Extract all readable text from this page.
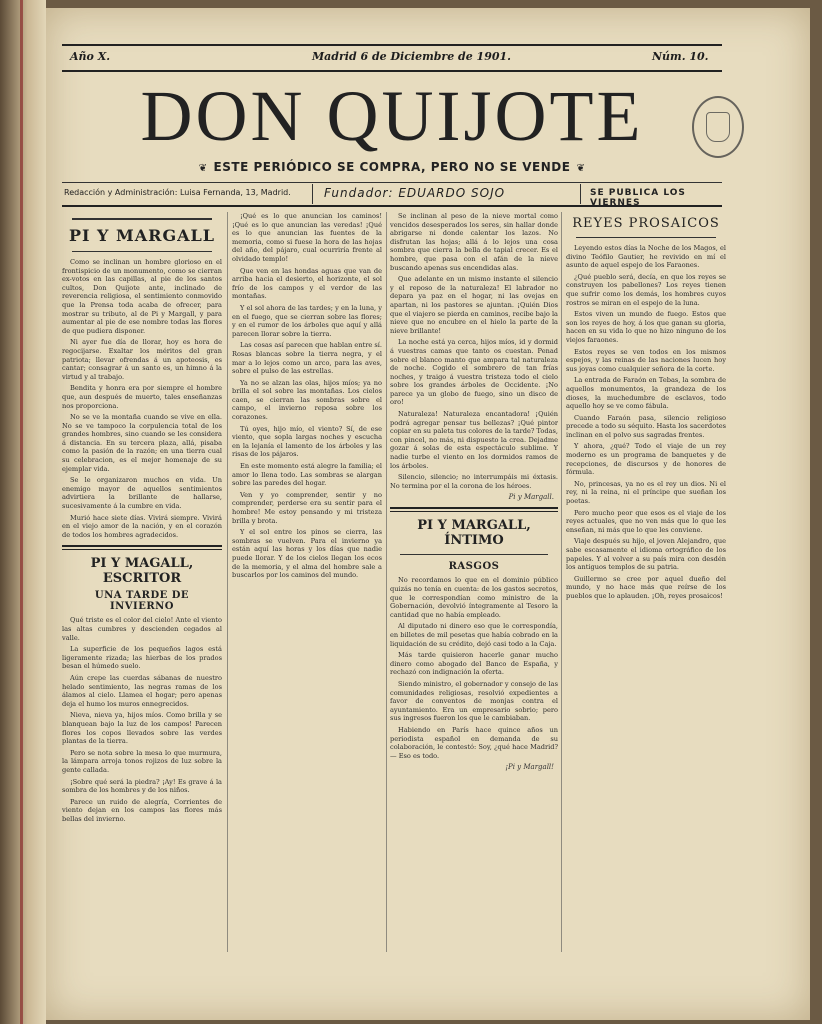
Año X.	Madrid 6 de Diciembre de 1901.	Núm. 10.
DON QUIJOTE
❦ ESTE PERIÓDICO SE COMPRA, PERO NO SE VENDE ❦
Redacción y Administración: Luisa Fernanda, 13, Madrid.	Fundador: EDUARDO SOJO	SE PUBLICA LOS VIERNES
PI Y MARGALL

Como se inclinan un hombre glorioso en el frontispicio de un monumento, como se cierran ex-votos en las capillas, al pie de los santos cultos, Don Quijote ante, inclinado de reverencia religiosa, el sentimiento conmovido que la Prensa toda acaba de ofrecer, para mostrar su tributo, al de Pi y Margall, y para aumentar al pie de ese nombre todas las flores de que pudiera disponer.

Ni ayer fue día de llorar, hoy es hora de regocijarse. Exaltar los méritos del gran patriota; llevar ofrendas á un apoteosis, es cantar; consagrar á un santo es, un himno á la virtud y al trabajo.

Bendita y honra era por siempre el hombre que, aun después de muerto, tales enseñanzas nos proporciona.

No se ve la montaña cuando se vive en ella. No se ve tampoco la corpulencia total de los grandes hombres, sino cuando se les considera á distancia. En su tercera plaza, allá, pisaba como la pasión de la razón; en una tierra cual su celebracion, es el mejor homenaje de su ejemplar vida.

Se le organizaron muchos en vida. Un enemigo mayor de aquellos sentimientos advirtiera la brillante de hallarse, sucesivamente á la cumbre en vida.

Murió hace siete días. Vivirá siempre. Vivirá en el viejo amor de la nación, y en el corazón de todos los hombres agradecidos.

PI Y MAGALL, ESCRITOR
UNA TARDE DE INVIERNO

Qué triste es el color del cielo! Ante el viento las altas cumbres y descienden cegados al valle.

La superficie de los pequeños lagos está ligeramente rizada; las hierbas de los prados besan el húmedo suelo.

Aún crepe las cuerdas sábanas de nuestro helado sentimiento, las negras ramas de los álamos al cielo. Llamea el hogar; pero apenas deja el humo los muros ennegrecidos.

Nieva, nieva ya, hijos míos. Como brilla y se blanquean bajo la luz de los campos! Parecen flores los copos llevados sobre las verdes plantas de la tierra.

Pero se nota sobre la mesa lo que murmura, la lámpara arroja tonos rojizos de luz sobre la gente callada.

¡Sobre qué será la piedra? ¡Ay! Es grave á la sombra de los hombres y de los niños.

Parece un ruido de alegría, Corrientes de viento dejan en los campos las flores más bellas del invierno.

¡Qué es lo que anuncian los caminos! ¡Qué es lo que anuncian las veredas! ¡Qué es lo que anuncian las fuentes de la memoria, como si fuese la hora de las hojas del año, del pájaro, cual ocurriría frente al olvidado templo!

Que ven en las hondas aguas que van de arriba hacia el desierto, el horizonte, el sol frío de los campos y el verdor de las montañas.

Y el sol ahora de las tardes; y en la luna, y en el fuego, que se cierran sobre las flores; y en el rumor de los árboles que aquí y allá parecen llorar sobre la tierra.

Las cosas así parecen que hablan entre sí. Rosas blancas sobre la tierra negra, y el mar a lo lejos como un arco, para las aves, sobre el pulso de las estrellas.

Ya no se alzan las olas, hijos míos; ya no brilla el sol sobre las montañas. Los cielos caen, se cierran las sombras sobre el campo, el invierno reposa sobre los corazones.

Tú oyes, hijo mío, el viento? Sí, de ese viento, que sopla largas noches y escucha en la lejanía el lamento de los árboles y las risas de los pájaros.

En este momento está alegre la familia; el amor lo llena todo. Las sombras se alargan sobre las paredes del hogar.

Ven y yo comprender, sentir y no comprender, perderse era su sentir para el hombre! Me estoy pensando y mi tristeza brilla y brota.

Y el sol entre los pinos se cierra, las sombras se vuelven. Para el invierno ya están aquí las horas y los días que nadie puede llorar. Y de los cielos llegan los ecos de la memoria, y el alma del hombre sale a buscarlos por los caminos del mundo.

Se inclinan al peso de la nieve mortal como vencidos desesperados los seres, sin hallar donde abrigarse ni donde calentar los lazos. No disfrutan las hojas; allá á lo lejos una cosa sombra que cierra la bella de tapial crecer. Es el hombre, que pasa con el afán de la nieve buscando apenas sus encendidas alas.

Que adelante en un mismo instante el silencio y el reposo de la naturaleza! El labrador no depara ya paz en el hogar, ni las ovejas en apartan, ni los pastores se ajuntan. ¡Quién Dios que el viajero se pierda en caminos, recibe bajo la nieve que no encubre en el hielo la parte de la nieve brillante!

La noche está ya cerca, hijos míos, id y dormid á vuestras camas que tanto os cuestan. Penad sobre el blanco manto que ampara tal naturaleza de noche. Cogido el sombrero de tan frías noches, y traigo á vuestra tristeza todo el cielo sobre los grandes árboles de Occidente. ¡No parece ya un globo de fuego, sino un disco de oro!

Naturaleza! Naturaleza encantadora! ¡Quién podrá agregar pensar tus bellezas? ¡Qué pintor copiar en su paleta tus colores de la tarde? Todas, con pincel, no más, ni dispuesto la crea. Dejadme gozar á solas de esta espectáculo sublime. Y nadie turbe el viento en los dormidos ramos de los árboles.

Silencio, silencio; no interrumpáis mi éxtasis. No termina por el la corona de los héroes.

Pi y Margall.
PI Y MARGALL, ÍNTIMO
RASGOS

No recordamos lo que en el dominio público quizás no tenía en cuenta: de los gastos secretos, que le correspondían como ministro de la Gobernación, devolvió íntegramente al Tesoro la cantidad que no había empleado.

Al diputado ni dinero eso que le correspondía, en billetes de mil pesetas que había cobrado en la liquidación de su crédito, dejó casi todo a la Caja.

Más tarde quisieron hacerle ganar mucho dinero como abogado del Banco de España, y rechazó con indignación la oferta.

Siendo ministro, el gobernador y consejo de las comunidades religiosas, resolvió expedientes a favor de conventos de monjas contra el ayuntamiento. Era un empresario sobrio; pero sus ingresos fueron los que le cambiaban.

Habiendo en París hace quince años un periodista español en demanda de su colaboración, le contestó: Soy, ¿qué hace Madrid? — Eso es todo.

¡Pi y Margall!
REYES PROSAICOS

Leyendo estos días la Noche de los Magos, el divino Teófilo Gautier, he revivido en mí el asunto de aquel espejo de los Faraones.

¿Qué pueblo será, decía, en que los reyes se construyen los pabellones? Los reyes tienen que sufrir como los demás, los hombres cuyos rostros se miran en el espejo de la luna.

Estos viven un mundo de fuego. Estos que son los reyes de hoy, á los que ganan su gloria, hacen en su vida lo que no hizo ninguno de los viejos faraones.

Estos reyes se ven todos en los mismos espejos, y las reinas de las naciones lucen hoy sus joyas como cualquier señora de la corte.

La entrada de Faraón en Tebas, la sombra de aquellos monumentos, la grandeza de los dioses, la muchedumbre de esclavos, todo aquello hoy se ve como fábula.

Cuando Faraón pasa, silencio religioso precede a todo su séquito. Hasta los sacerdotes inclinan en el polvo sus sagradas frentes.

Y ahora, ¿qué? Todo el viaje de un rey moderno es un programa de banquetes y de recepciones, de discursos y de honores de fórmula.

No, princesas, ya no es el rey un dios. Ni el rey, ni la reina, ni el príncipe que sueñan los poetas.

Pero mucho peor que esos es el viaje de los reyes actuales, que no ven más que lo que les enseñan, ni más que lo que les conviene.

Viaje después su hijo, el joven Alejandro, que sabe escasamente el idioma ortográfico de los papeles. Y al volver a su país mira con desdén los antiguos templos de su patria.

Guillermo se cree por aquel dueño del mundo, y no hace más que reírse de los pueblos que lo aplauden. ¡Oh, reyes prosaicos!
